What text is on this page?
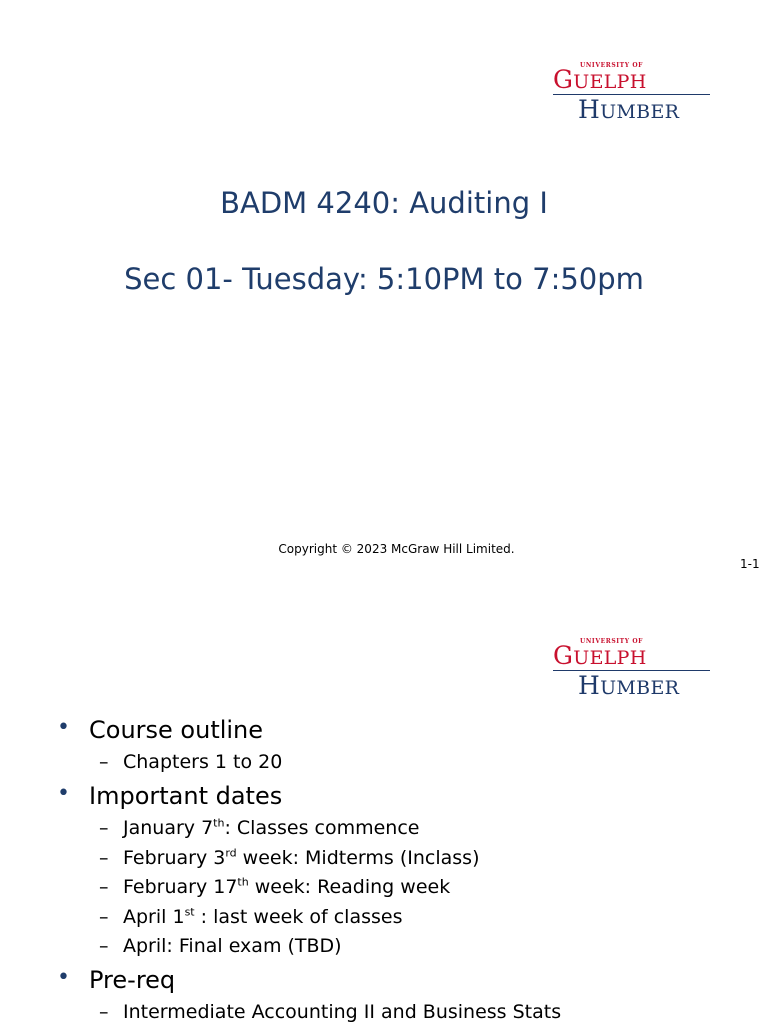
UNIVERSITY OF
GUELPH
HUMBER
BADM 4240: Auditing I
Sec 01- Tuesday: 5:10PM to 7:50pm
Copyright © 2023 McGraw Hill Limited.
1-1
UNIVERSITY OF
GUELPH
HUMBER
• Course outline
– Chapters 1 to 20
• Important dates
– January 7th: Classes commence
– February 3rd week: Midterms (Inclass)
– February 17th week: Reading week
– April 1st : last week of classes
– April: Final exam (TBD)
• Pre-req
– Intermediate Accounting II and Business Stats
